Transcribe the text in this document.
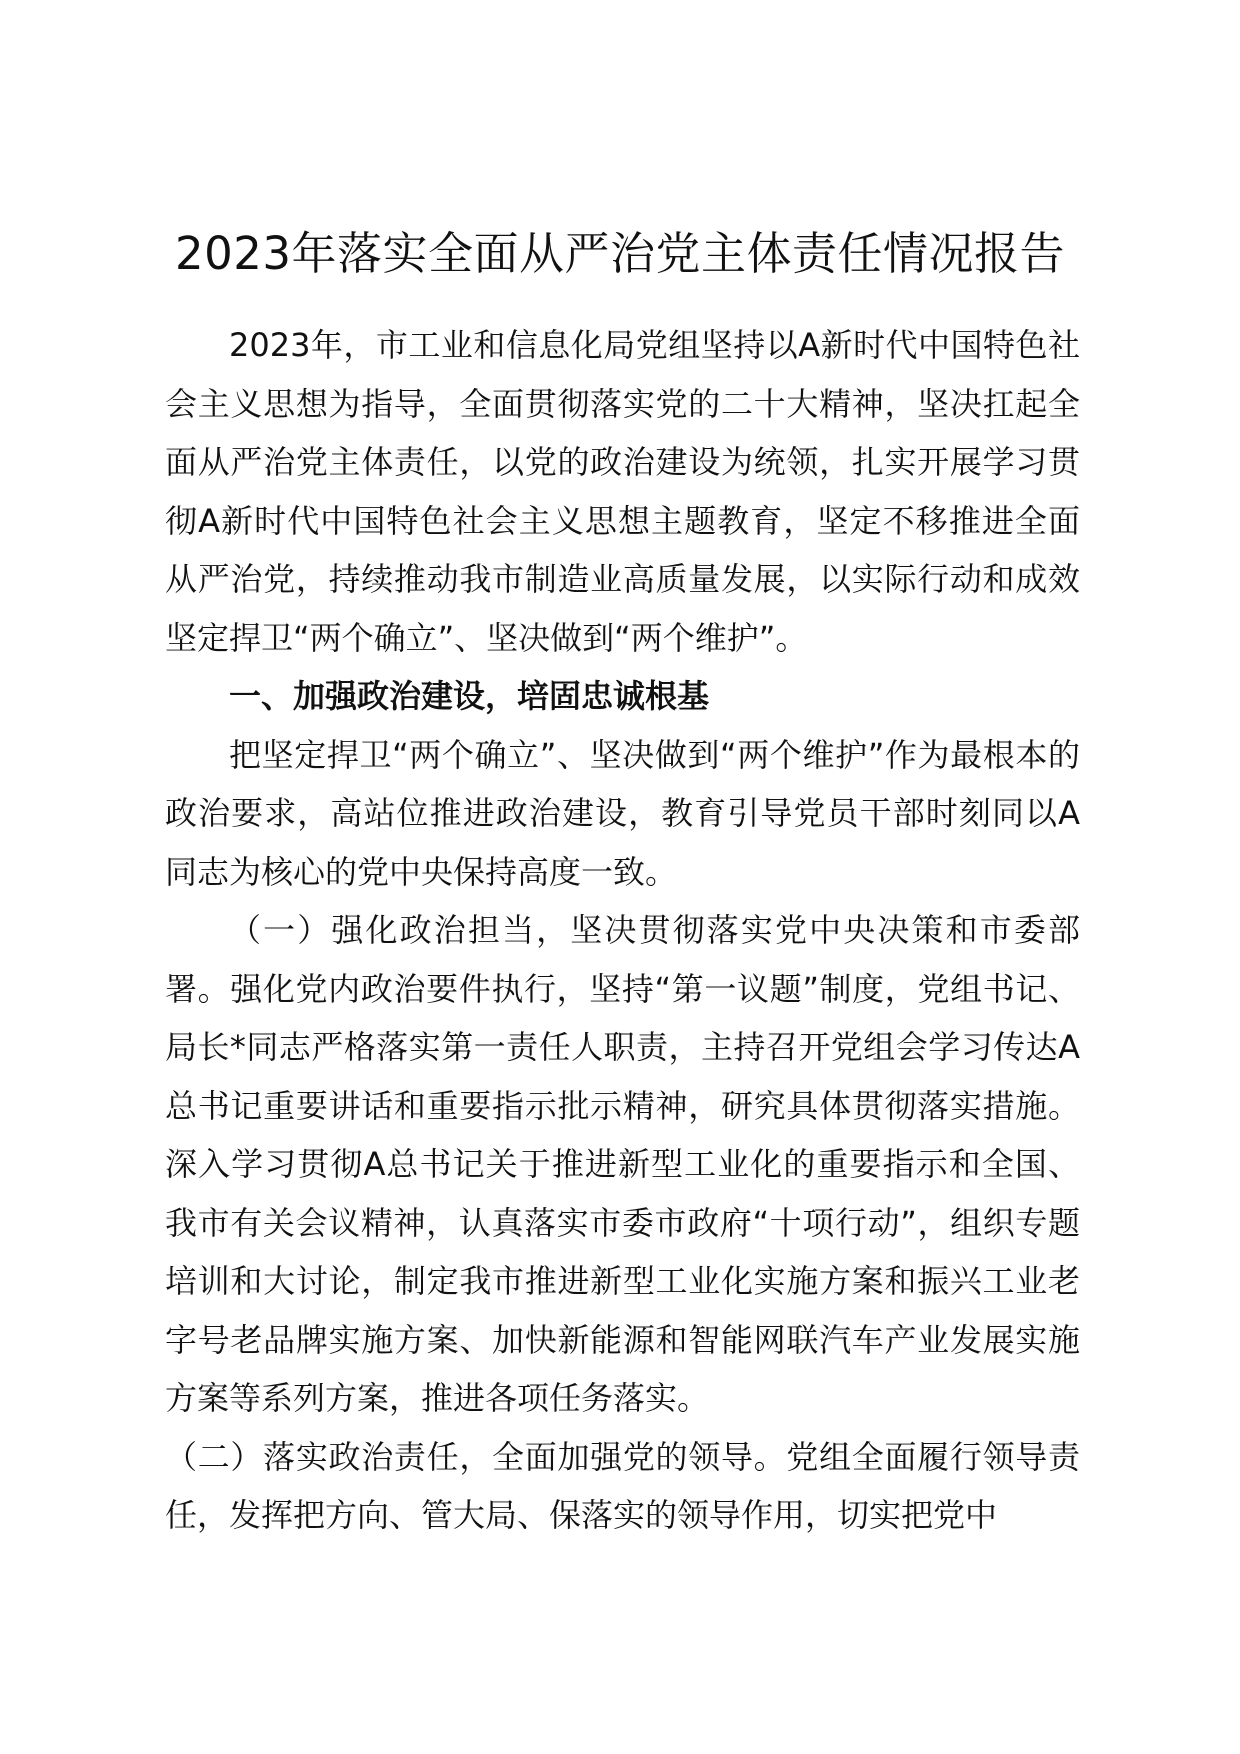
2023年落实全面从严治党主体责任情况报告

2023年，市工业和信息化局党组坚持以A新时代中国特色社会主义思想为指导，全面贯彻落实党的二十大精神，坚决扛起全面从严治党主体责任，以党的政治建设为统领，扎实开展学习贯彻A新时代中国特色社会主义思想主题教育，坚定不移推进全面从严治党，持续推动我市制造业高质量发展，以实际行动和成效坚定捍卫“两个确立”、坚决做到“两个维护”。

一、加强政治建设，培固忠诚根基

把坚定捍卫“两个确立”、坚决做到“两个维护”作为最根本的政治要求，高站位推进政治建设，教育引导党员干部时刻同以A同志为核心的党中央保持高度一致。

（一）强化政治担当，坚决贯彻落实党中央决策和市委部署。强化党内政治要件执行，坚持“第一议题”制度，党组书记、局长*同志严格落实第一责任人职责，主持召开党组会学习传达A总书记重要讲话和重要指示批示精神，研究具体贯彻落实措施。深入学习贯彻A总书记关于推进新型工业化的重要指示和全国、我市有关会议精神，认真落实市委市政府“十项行动”，组织专题培训和大讨论，制定我市推进新型工业化实施方案和振兴工业老字号老品牌实施方案、加快新能源和智能网联汽车产业发展实施方案等系列方案，推进各项任务落实。

（二）落实政治责任，全面加强党的领导。党组全面履行领导责任，发挥把方向、管大局、保落实的领导作用，切实把党中
